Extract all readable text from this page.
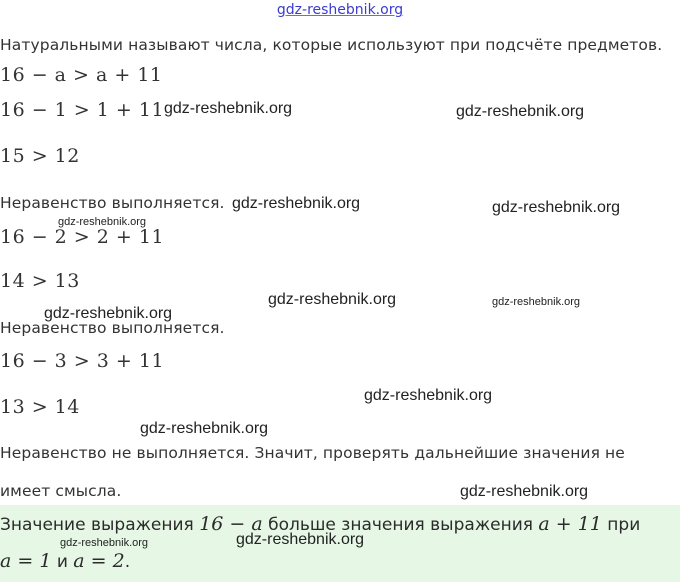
gdz-reshebnik.org
Натуральными называют числа, которые используют при подсчёте предметов.
16 − a > a + 11
16 − 1 > 1 + 11
15 > 12
Неравенство выполняется.
16 − 2 > 2 + 11
14 > 13
Неравенство выполняется.
16 − 3 > 3 + 11
13 > 14
Неравенство не выполняется. Значит, проверять дальнейшие значения не
имеет смысла.
Значение выражения 16 − a больше значения выражения a + 11 при
a = 1 и a = 2.
gdz-reshebnik.org	gdz-reshebnik.org
gdz-reshebnik.org	gdz-reshebnik.org
gdz-reshebnik.org
gdz-reshebnik.org	gdz-reshebnik.org
gdz-reshebnik.org
gdz-reshebnik.org
gdz-reshebnik.org
gdz-reshebnik.org
gdz-reshebnik.org	gdz-reshebnik.org
